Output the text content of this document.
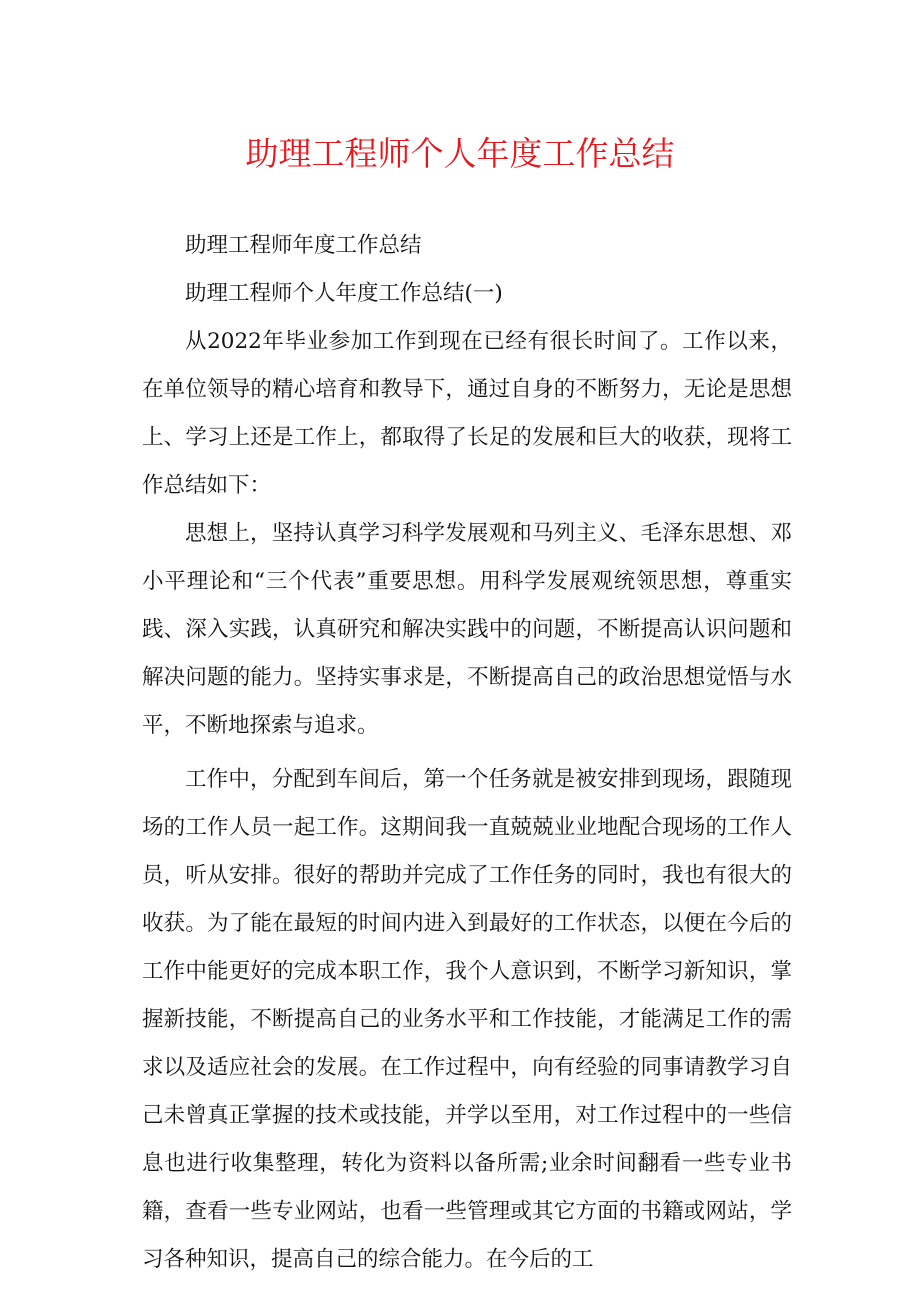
助理工程师个人年度工作总结

助理工程师年度工作总结

助理工程师个人年度工作总结(一)

从2022年毕业参加工作到现在已经有很长时间了。工作以来，在单位领导的精心培育和教导下，通过自身的不断努力，无论是思想上、学习上还是工作上，都取得了长足的发展和巨大的收获，现将工作总结如下：

思想上，坚持认真学习科学发展观和马列主义、毛泽东思想、邓小平理论和“三个代表”重要思想。用科学发展观统领思想，尊重实践、深入实践，认真研究和解决实践中的问题，不断提高认识问题和解决问题的能力。坚持实事求是，不断提高自己的政治思想觉悟与水平，不断地探索与追求。

工作中，分配到车间后，第一个任务就是被安排到现场，跟随现场的工作人员一起工作。这期间我一直兢兢业业地配合现场的工作人员，听从安排。很好的帮助并完成了工作任务的同时，我也有很大的收获。为了能在最短的时间内进入到最好的工作状态，以便在今后的工作中能更好的完成本职工作，我个人意识到，不断学习新知识，掌握新技能，不断提高自己的业务水平和工作技能，才能满足工作的需求以及适应社会的发展。在工作过程中，向有经验的同事请教学习自己未曾真正掌握的技术或技能，并学以至用，对工作过程中的一些信息也进行收集整理，转化为资料以备所需;业余时间翻看一些专业书籍，查看一些专业网站，也看一些管理或其它方面的书籍或网站，学习各种知识，提高自己的综合能力。在今后的工
